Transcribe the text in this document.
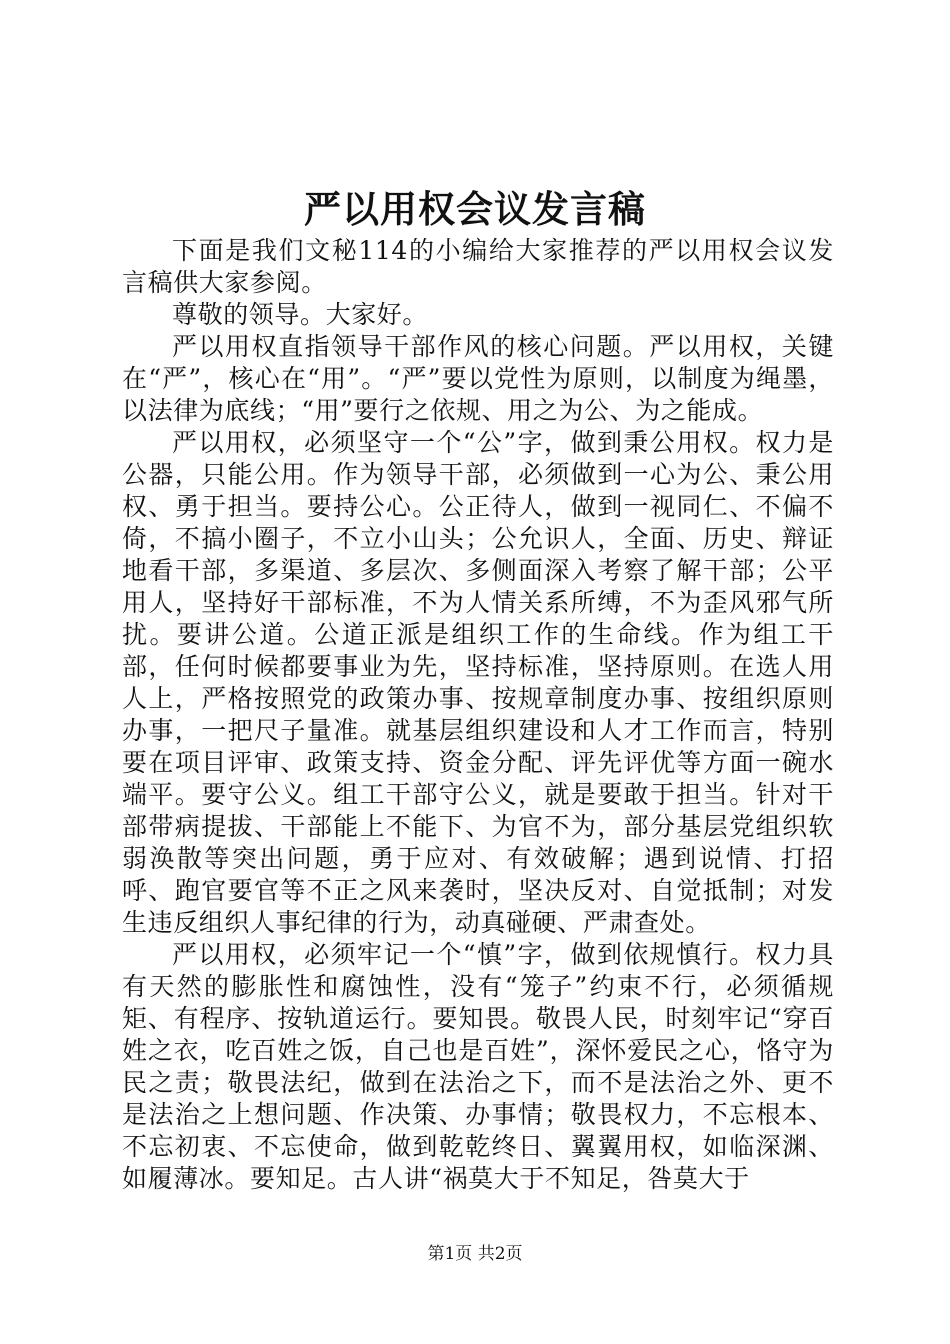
严以用权会议发言稿

下面是我们文秘114的小编给大家推荐的严以用权会议发言稿供大家参阅。

尊敬的领导。大家好。

严以用权直指领导干部作风的核心问题。严以用权，关键在“严”，核心在“用”。“严”要以党性为原则，以制度为绳墨，以法律为底线；“用”要行之依规、用之为公、为之能成。

严以用权，必须坚守一个“公”字，做到秉公用权。权力是公器，只能公用。作为领导干部，必须做到一心为公、秉公用权、勇于担当。要持公心。公正待人，做到一视同仁、不偏不倚，不搞小圈子，不立小山头；公允识人，全面、历史、辩证地看干部，多渠道、多层次、多侧面深入考察了解干部；公平用人，坚持好干部标准，不为人情关系所缚，不为歪风邪气所扰。要讲公道。公道正派是组织工作的生命线。作为组工干部，任何时候都要事业为先，坚持标准，坚持原则。在选人用人上，严格按照党的政策办事、按规章制度办事、按组织原则办事，一把尺子量准。就基层组织建设和人才工作而言，特别要在项目评审、政策支持、资金分配、评先评优等方面一碗水端平。要守公义。组工干部守公义，就是要敢于担当。针对干部带病提拔、干部能上不能下、为官不为，部分基层党组织软弱涣散等突出问题，勇于应对、有效破解；遇到说情、打招呼、跑官要官等不正之风来袭时，坚决反对、自觉抵制；对发生违反组织人事纪律的行为，动真碰硬、严肃查处。

严以用权，必须牢记一个“慎”字，做到依规慎行。权力具有天然的膨胀性和腐蚀性，没有“笼子”约束不行，必须循规矩、有程序、按轨道运行。要知畏。敬畏人民，时刻牢记“穿百姓之衣，吃百姓之饭，自己也是百姓”，深怀爱民之心，恪守为民之责；敬畏法纪，做到在法治之下，而不是法治之外、更不是法治之上想问题、作决策、办事情；敬畏权力，不忘根本、不忘初衷、不忘使命，做到乾乾终日、翼翼用权，如临深渊、如履薄冰。要知足。古人讲“祸莫大于不知足，咎莫大于

第1页 共2页
